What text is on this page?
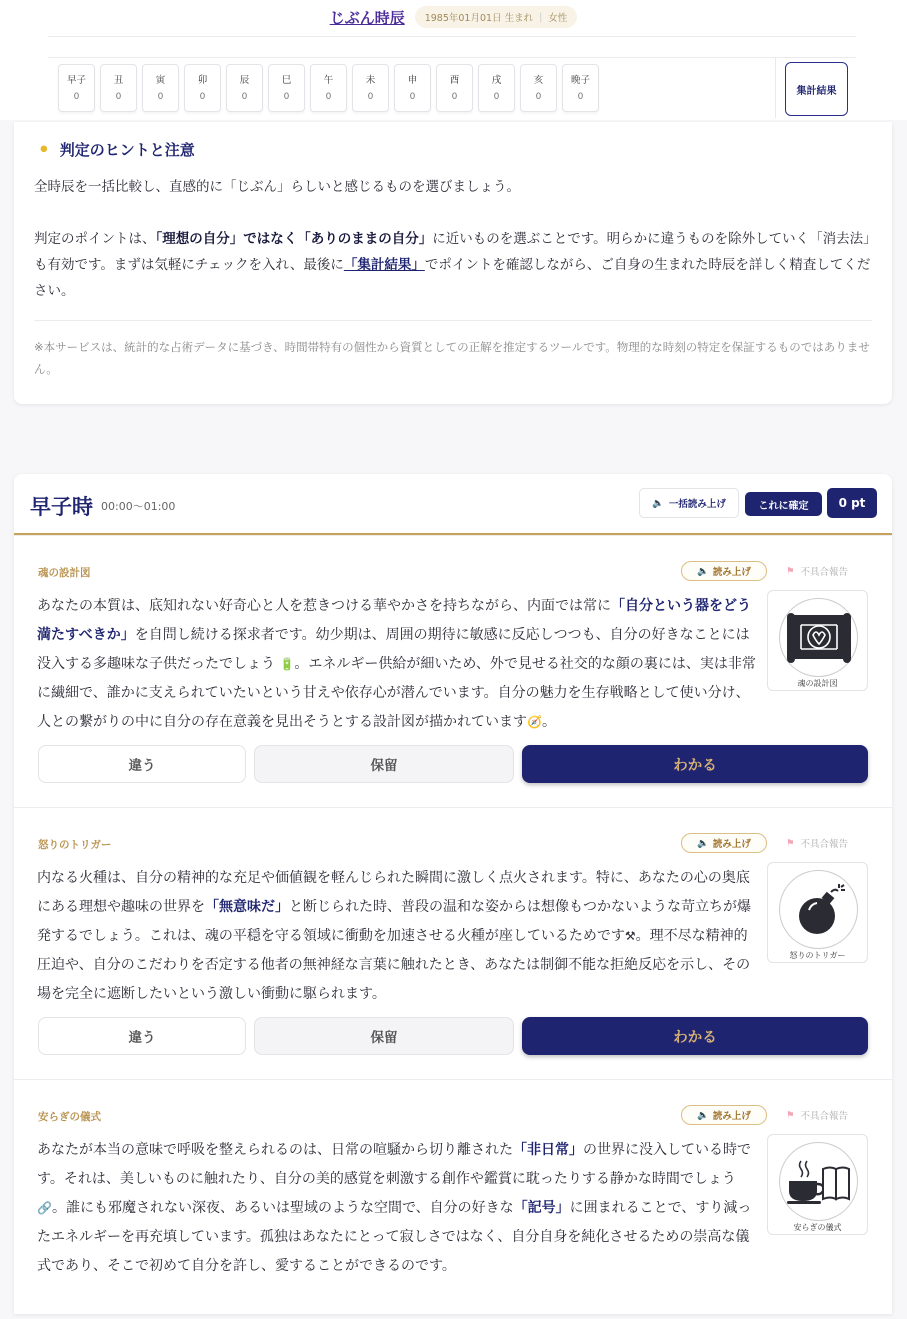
じぶん時辰 1985年01月01日 生まれ | 女性
早子
0
丑
0
寅
0
卯
0
辰
0
巳
0
午
0
未
0
申
0
酉
0
戌
0
亥
0
晩子
0
集計結果
⚫ 判定のヒントと注意

全時辰を一括比較し、直感的に「じぶん」らしいと感じるものを選びましょう。

判定のポイントは、「理想の自分」ではなく「ありのままの自分」に近いものを選ぶことです。明らかに違うものを除外していく「消去法」も有効です。まずは気軽にチェックを入れ、最後に「集計結果」でポイントを確認しながら、ご自身の生まれた時辰を詳しく精査してください。

※本サービスは、統計的な占術データに基づき、時間帯特有の個性から資質としての正解を推定するツールです。物理的な時刻の特定を保証するものではありません。
早子時 00:00〜01:00	🔈 一括読み上げ	これに確定	0 pt
魂の設計図	🔈 読み上げ	⚑ 不具合報告
あなたの本質は、底知れない好奇心と人を惹きつける華やかさを持ちながら、内面では常に「自分という器をどう満たすべきか」を自問し続ける探求者です。幼少期は、周囲の期待に敏感に反応しつつも、自分の好きなことには没入する多趣味な子供だったでしょう 🔋。エネルギー供給が細いため、外で見せる社交的な顔の裏には、実は非常に繊細で、誰かに支えられていたいという甘えや依存心が潜んでいます。自分の魅力を生存戦略として使い分け、人との繋がりの中に自分の存在意義を見出そうとする設計図が描かれています🧭。
魂の設計図
違う	保留	わかる
怒りのトリガー	🔈 読み上げ	⚑ 不具合報告
内なる火種は、自分の精神的な充足や価値観を軽んじられた瞬間に激しく点火されます。特に、あなたの心の奥底にある理想や趣味の世界を「無意味だ」と断じられた時、普段の温和な姿からは想像もつかないような苛立ちが爆発するでしょう。これは、魂の平穏を守る領域に衝動を加速させる火種が座しているためです⚒。理不尽な精神的圧迫や、自分のこだわりを否定する他者の無神経な言葉に触れたとき、あなたは制御不能な拒絶反応を示し、その場を完全に遮断したいという激しい衝動に駆られます。
怒りのトリガー
違う	保留	わかる
安らぎの儀式	🔈 読み上げ	⚑ 不具合報告
あなたが本当の意味で呼吸を整えられるのは、日常の喧騒から切り離された「非日常」の世界に没入している時です。それは、美しいものに触れたり、自分の美的感覚を刺激する創作や鑑賞に耽ったりする静かな時間でしょう 🔗。誰にも邪魔されない深夜、あるいは聖域のような空間で、自分の好きな「記号」に囲まれることで、すり減ったエネルギーを再充填しています。孤独はあなたにとって寂しさではなく、自分自身を純化させるための崇高な儀式であり、そこで初めて自分を許し、愛することができるのです。
安らぎの儀式
